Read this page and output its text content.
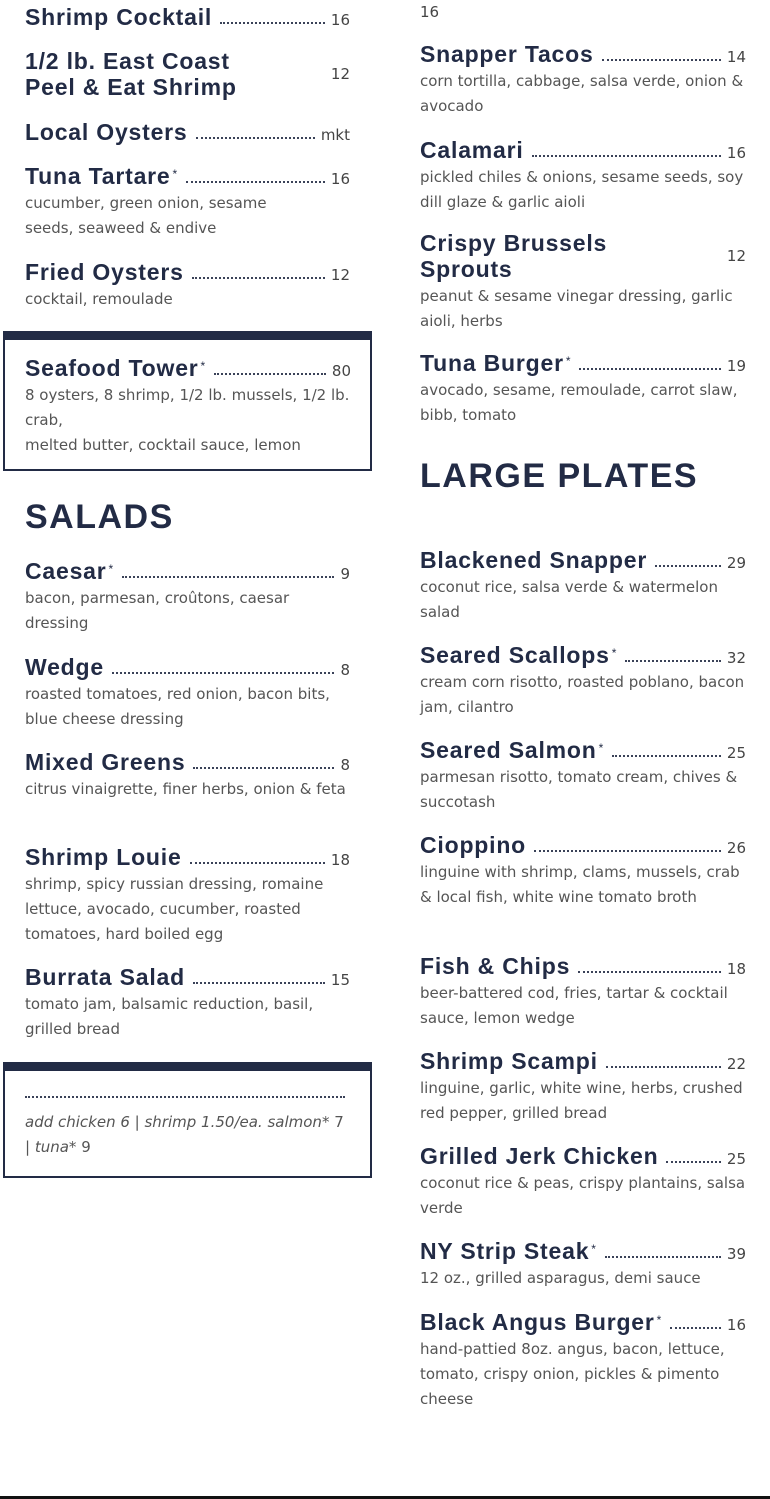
Shrimp Cocktail	16
1/2 lb. East Coast
Peel & Eat Shrimp	12
Local Oysters	mkt
Tuna Tartare *	16
cucumber, green onion, sesame seeds, seaweed & endive
Fried Oysters	12
cocktail, remoulade
SALADS
Caesar *	9
bacon, parmesan, croûtons, caesar dressing
Wedge	8
roasted tomatoes, red onion, bacon bits, blue cheese dressing
Mixed Greens	8
citrus vinaigrette, finer herbs, onion & feta
Shrimp Louie	18
shrimp, spicy russian dressing, romaine lettuce, avocado, cucumber, roasted tomatoes, hard boiled egg
Burrata Salad	15
tomato jam, balsamic reduction, basil, grilled bread
Seafood Tower *	80
8 oysters, 8 shrimp, 1/2 lb. mussels, 1/2 lb. crab,
melted butter, cocktail sauce, lemon
add chicken 6 | shrimp 1.50/ea. salmon* 7 | tuna* 9
16
Snapper Tacos	14
corn tortilla, cabbage, salsa verde, onion & avocado
Calamari	16
pickled chiles & onions, sesame seeds, soy dill glaze & garlic aioli
Crispy Brussels
Sprouts	12
peanut & sesame vinegar dressing, garlic aioli, herbs
Tuna Burger *	19
avocado, sesame, remoulade, carrot slaw, bibb, tomato
LARGE PLATES
Blackened Snapper	29
coconut rice, salsa verde & watermelon salad
Seared Scallops *	32
cream corn risotto, roasted poblano, bacon jam, cilantro
Seared Salmon *	25
parmesan risotto, tomato cream, chives & succotash
Cioppino	26
linguine with shrimp, clams, mussels, crab & local fish, white wine tomato broth
Fish & Chips	18
beer-battered cod, fries, tartar & cocktail sauce, lemon wedge
Shrimp Scampi	22
linguine, garlic, white wine, herbs, crushed red pepper, grilled bread
Grilled Jerk Chicken	25
coconut rice & peas, crispy plantains, salsa verde
NY Strip Steak *	39
12 oz., grilled asparagus, demi sauce
Black Angus Burger *	16
hand-pattied 8oz. angus, bacon, lettuce, tomato, crispy onion, pickles & pimento cheese
